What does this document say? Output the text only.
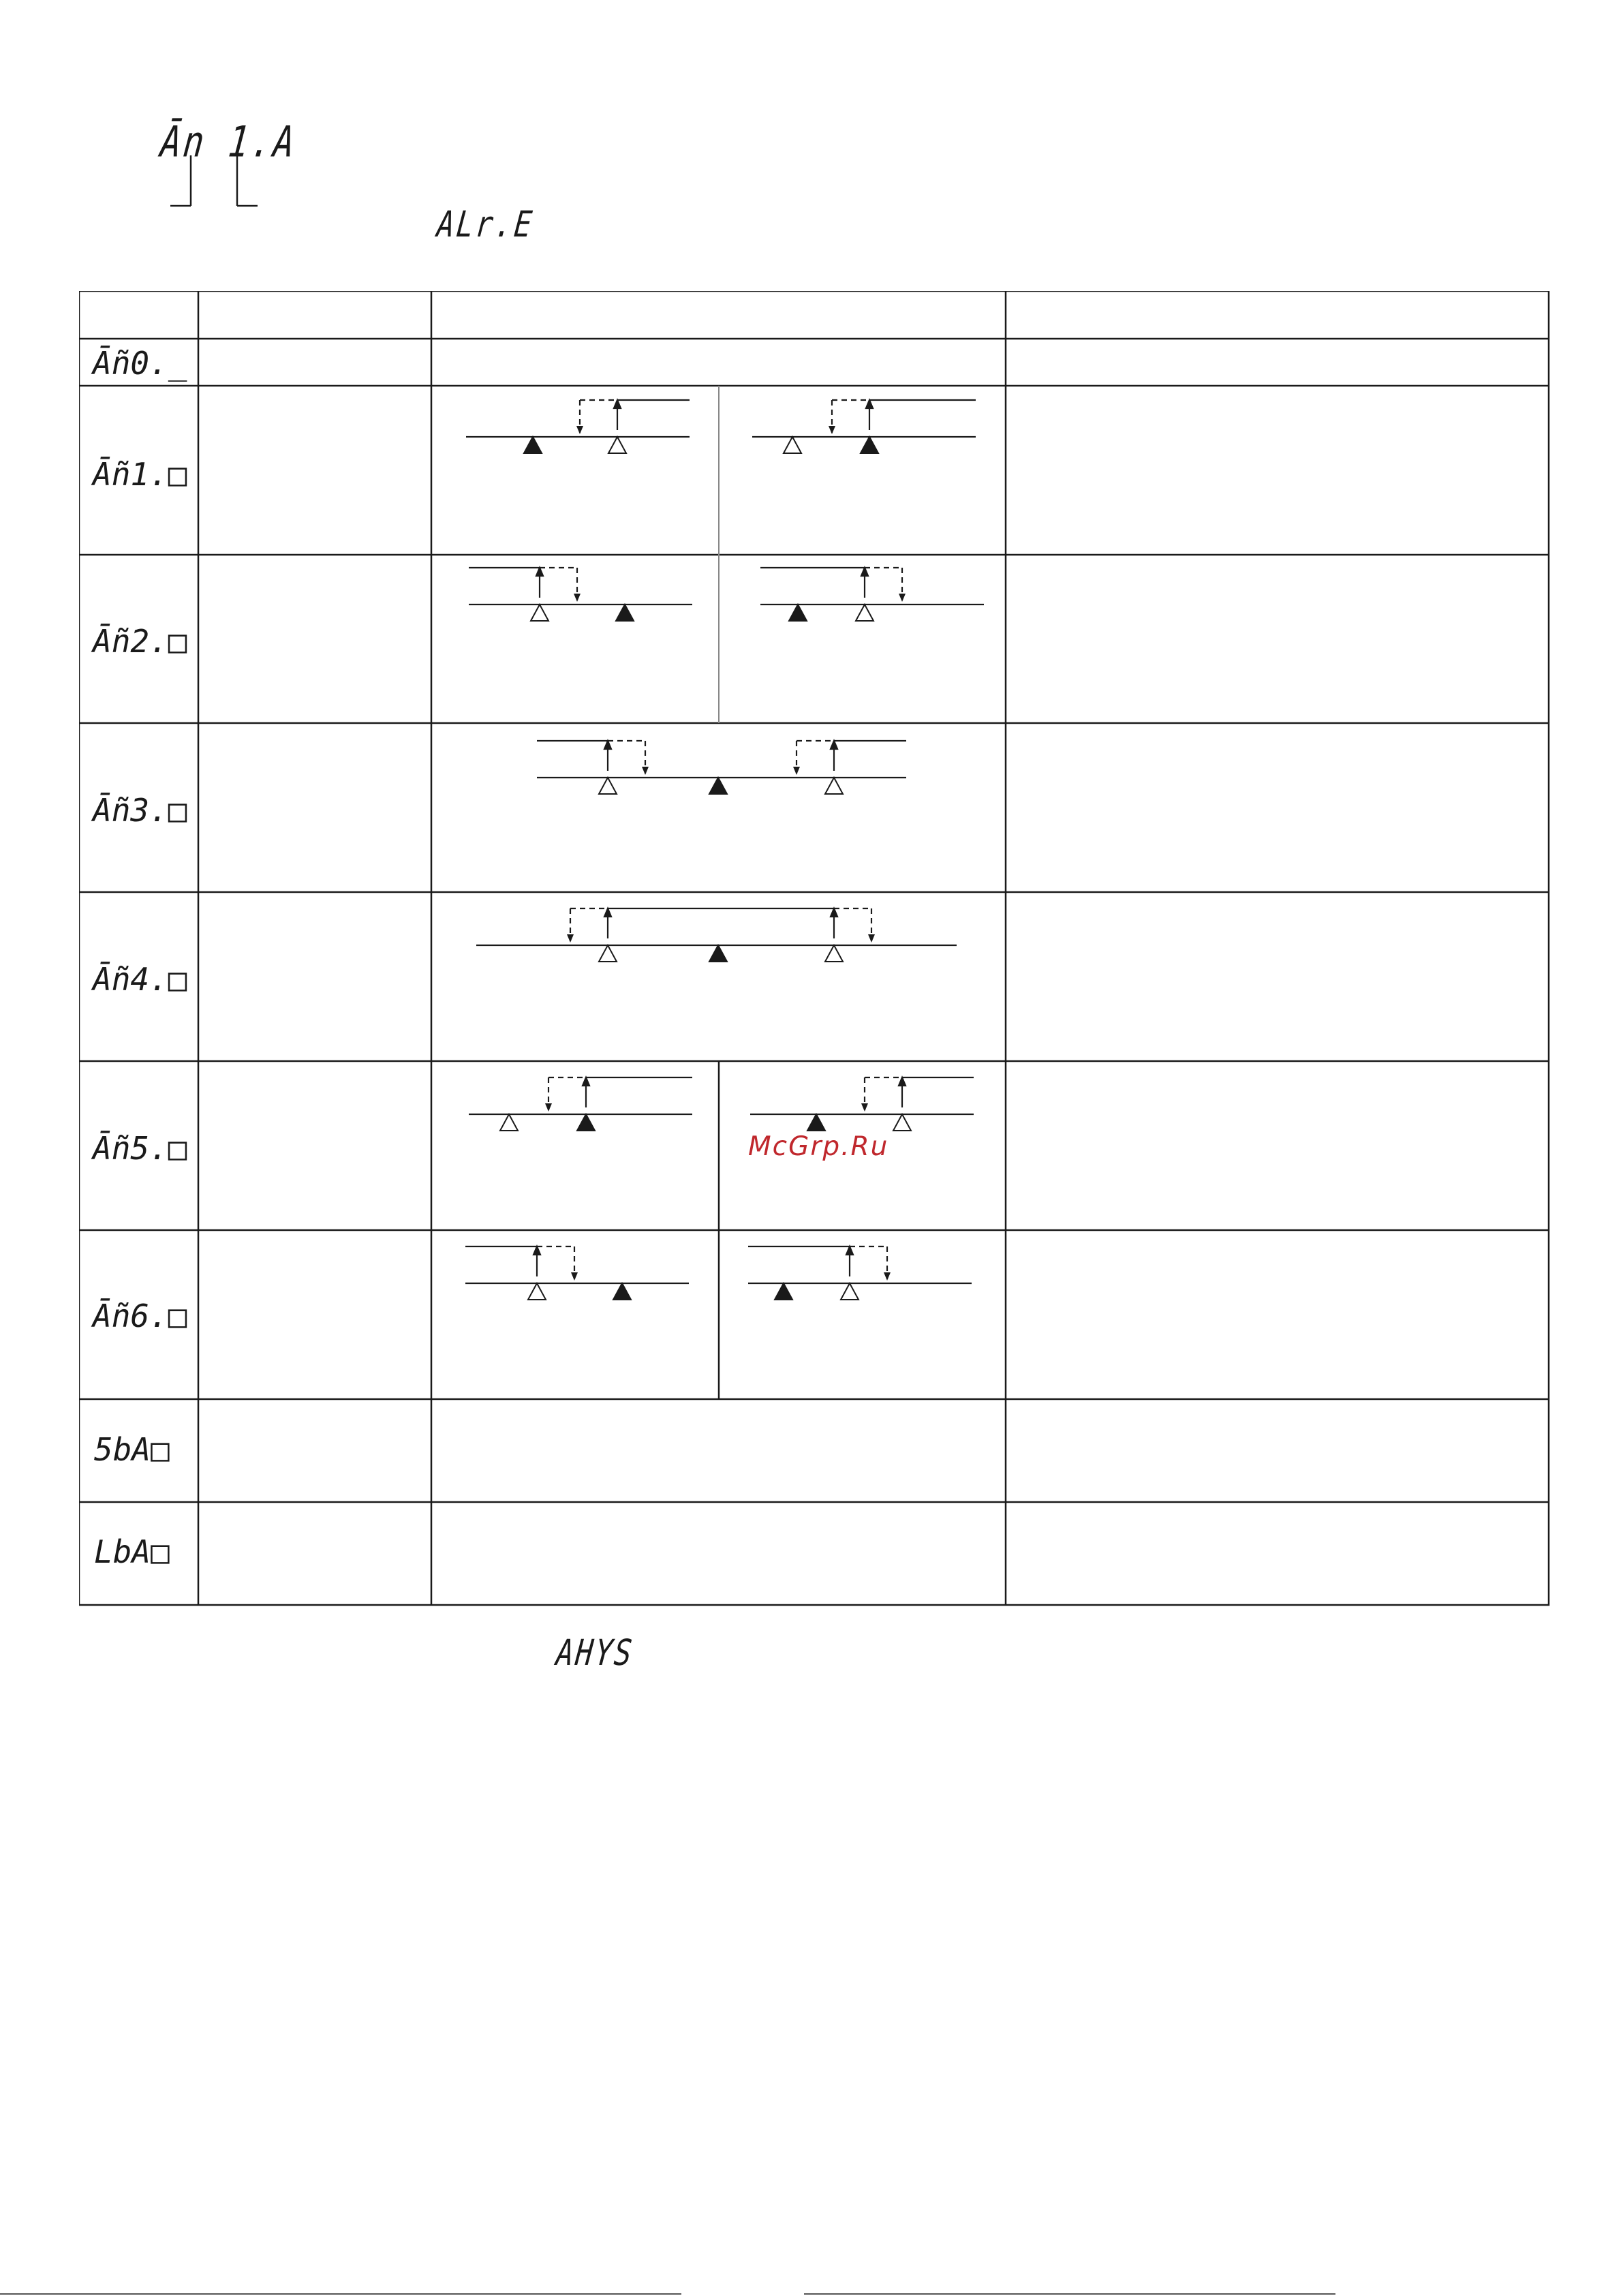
Ān 1.A
ALr.E
Āñ0._
Āñ1.□
Āñ2.□
Āñ3.□
Āñ4.□
Āñ5.□
Āñ6.□
5bA□
LbA□
McGrp.Ru
AHYS
